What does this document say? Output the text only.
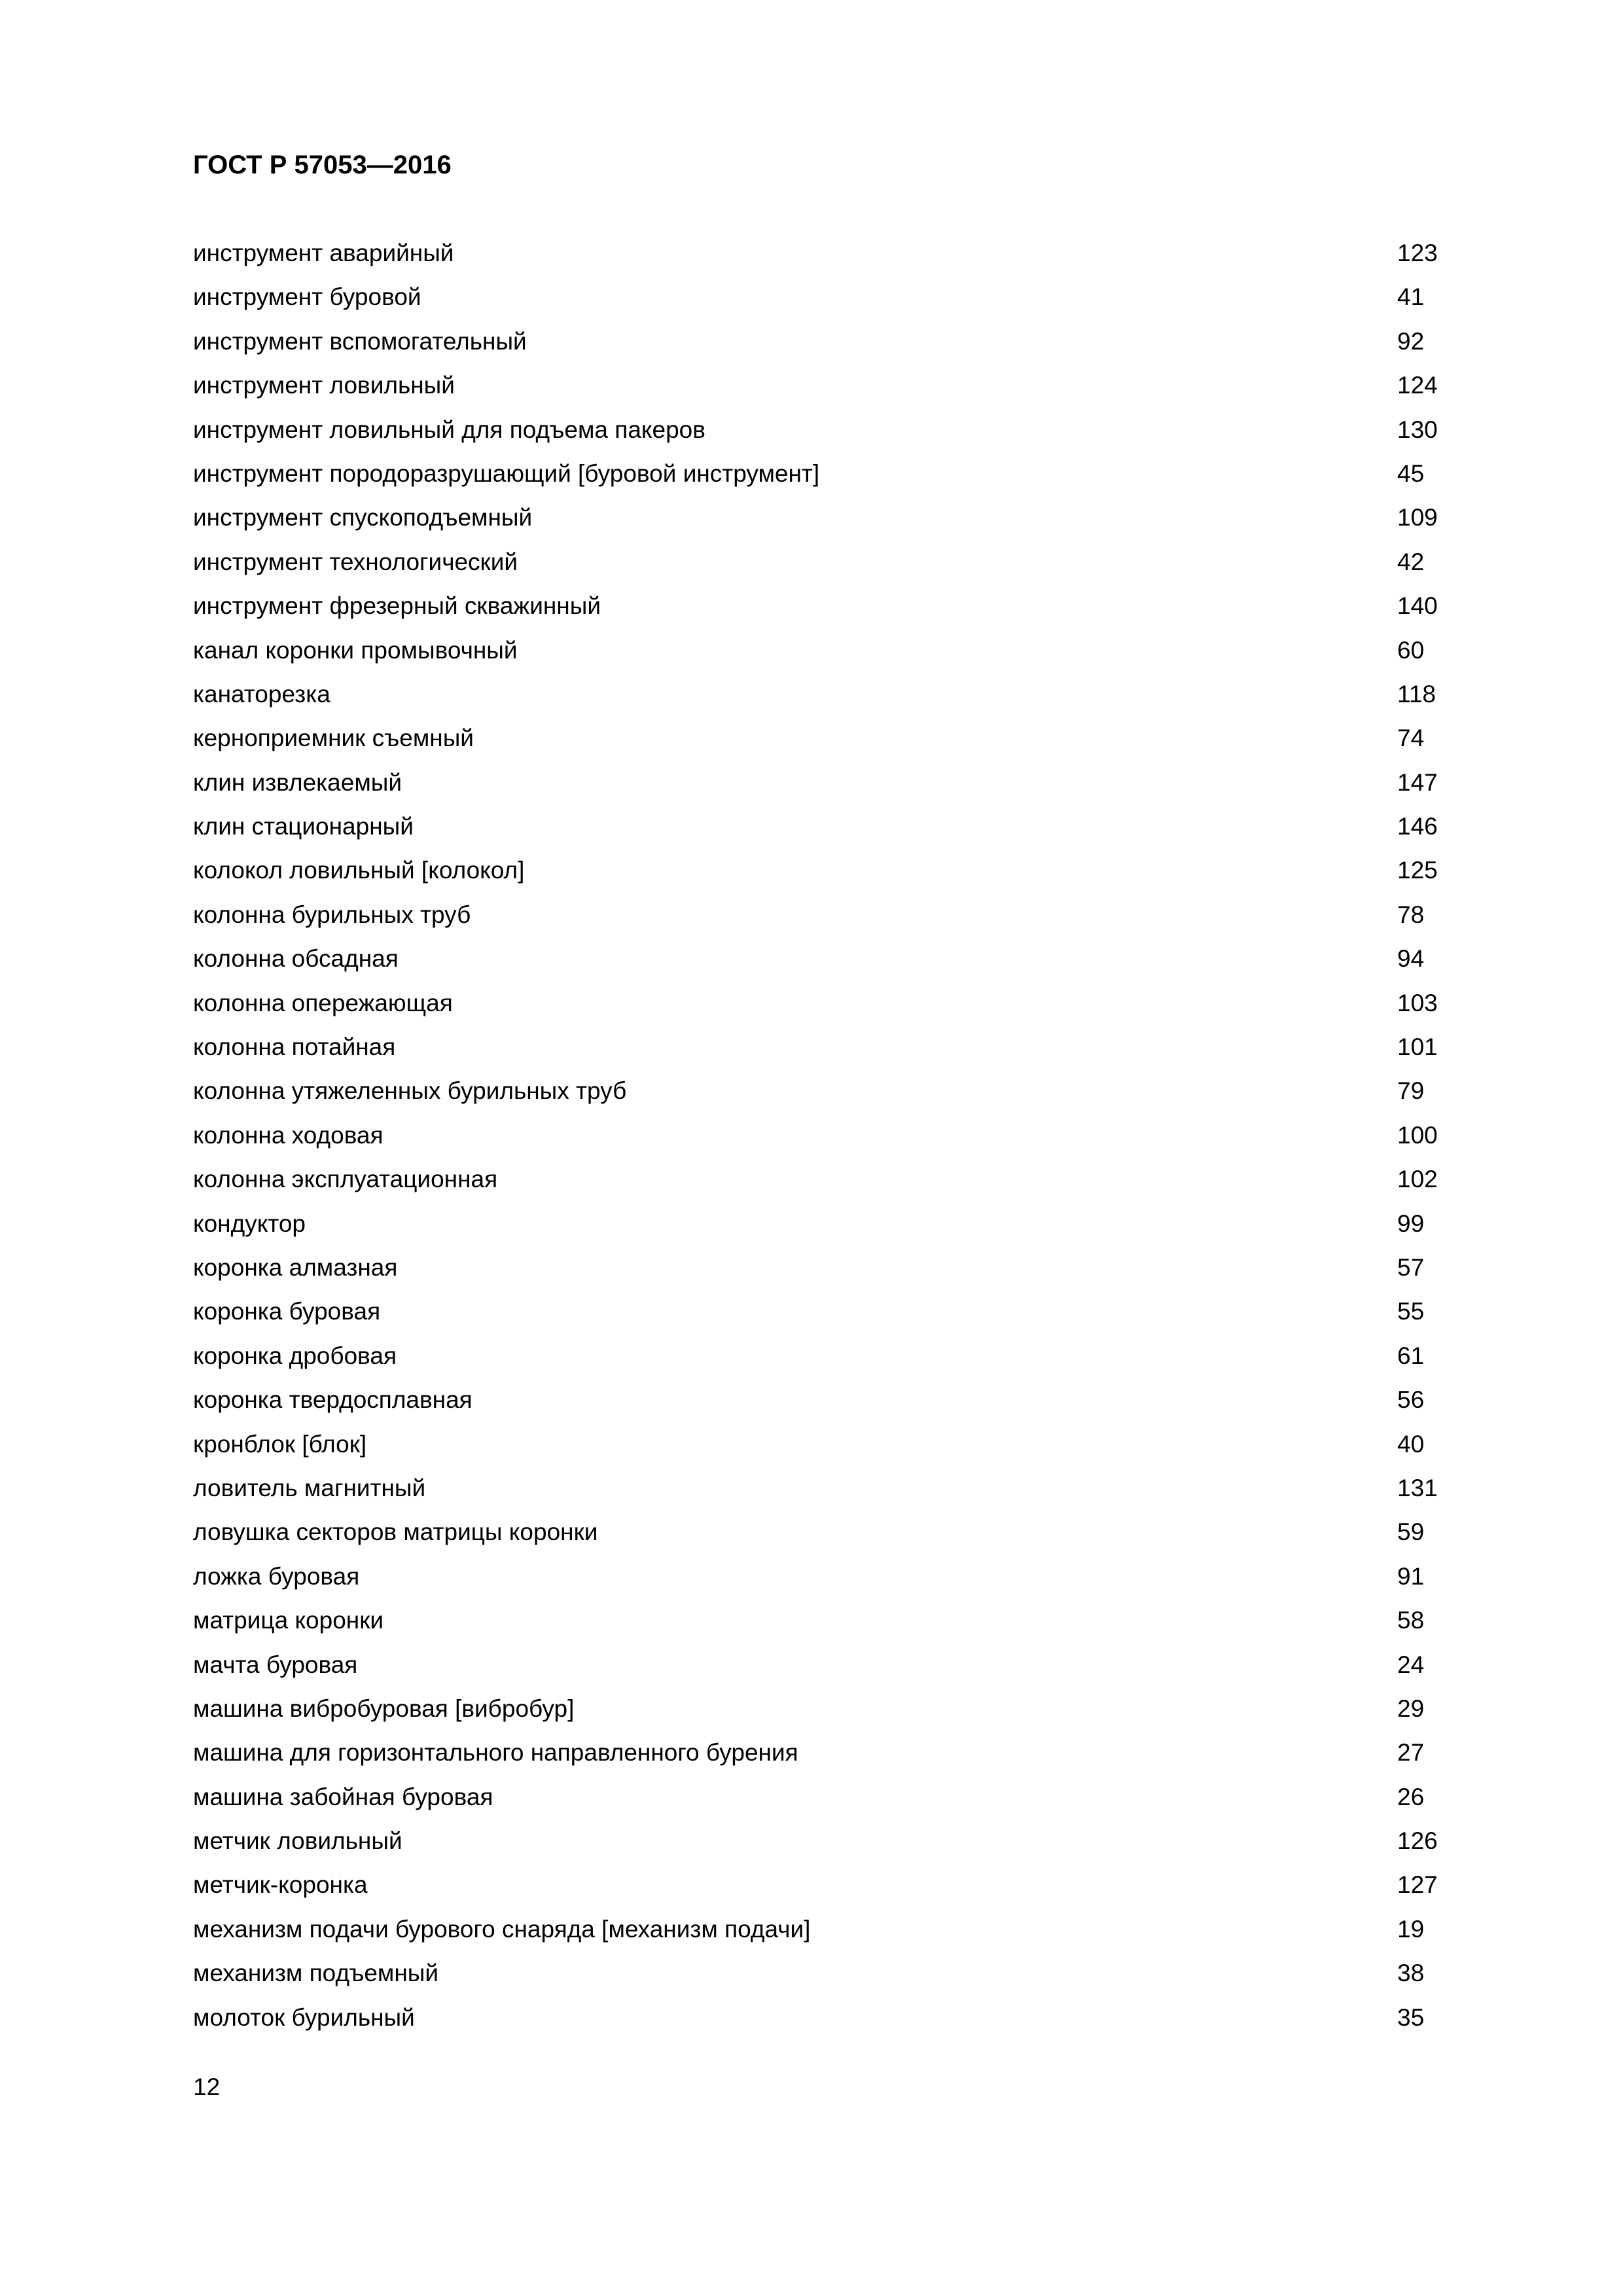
ГОСТ Р 57053—2016
инструмент аварийный	123
инструмент буровой	41
инструмент вспомогательный	92
инструмент ловильный	124
инструмент ловильный для подъема пакеров	130
инструмент породоразрушающий [буровой инструмент]	45
инструмент спускоподъемный	109
инструмент технологический	42
инструмент фрезерный скважинный	140
канал коронки промывочный	60
канаторезка	118
керноприемник съемный	74
клин извлекаемый	147
клин стационарный	146
колокол ловильный [колокол]	125
колонна бурильных труб	78
колонна обсадная	94
колонна опережающая	103
колонна потайная	101
колонна утяжеленных бурильных труб	79
колонна ходовая	100
колонна эксплуатационная	102
кондуктор	99
коронка алмазная	57
коронка буровая	55
коронка дробовая	61
коронка твердосплавная	56
кронблок [блок]	40
ловитель магнитный	131
ловушка секторов матрицы коронки	59
ложка буровая	91
матрица коронки	58
мачта буровая	24
машина вибробуровая [вибробур]	29
машина для горизонтального направленного бурения	27
машина забойная буровая	26
метчик ловильный	126
метчик-коронка	127
механизм подачи бурового снаряда [механизм подачи]	19
механизм подъемный	38
молоток бурильный	35
12
